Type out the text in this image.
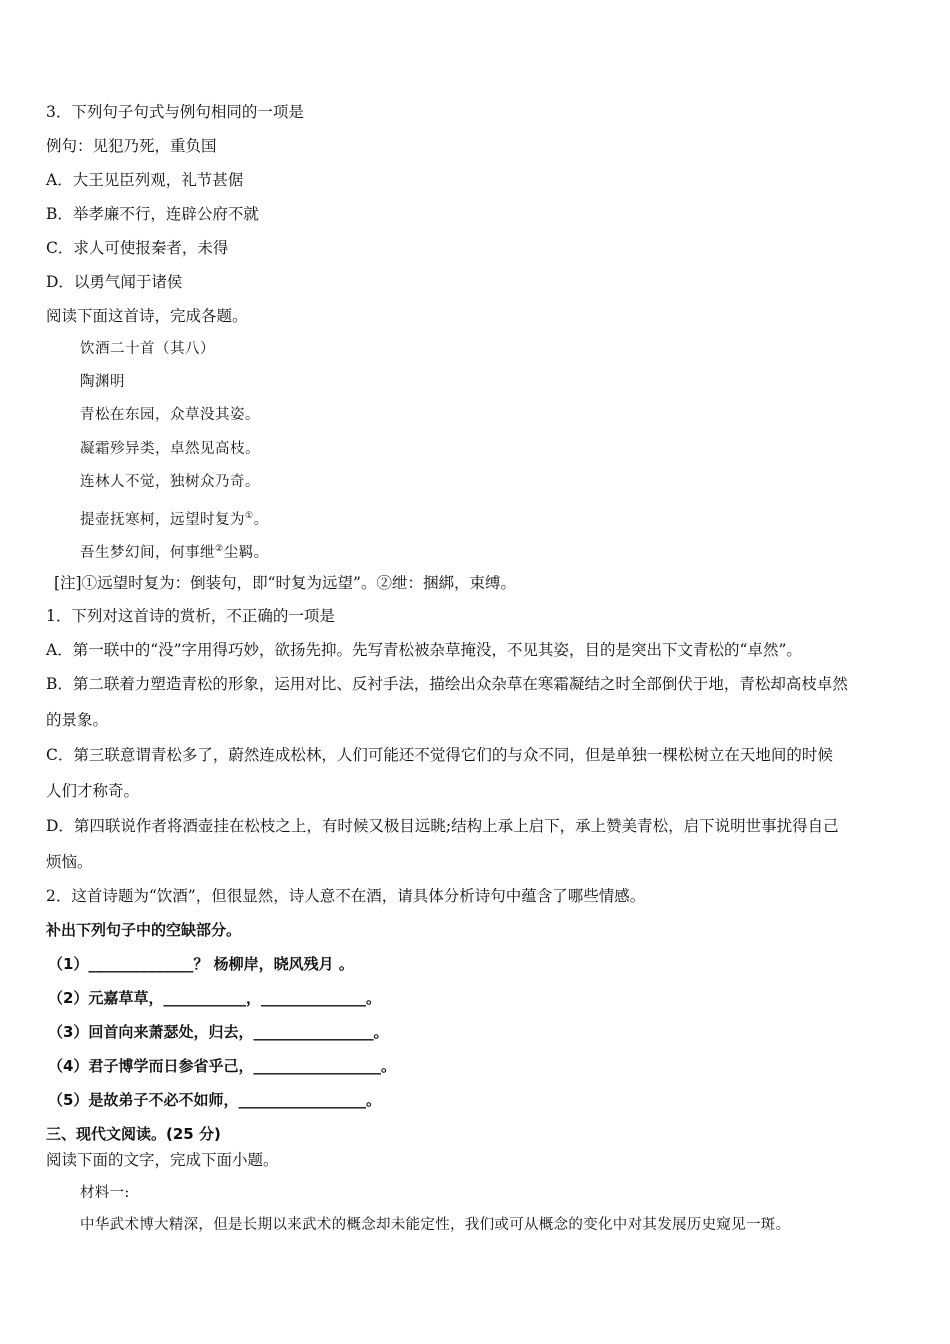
3．下列句子句式与例句相同的一项是
例句：见犯乃死，重负国
A．大王见臣列观，礼节甚倨
B．举孝廉不行，连辟公府不就
C．求人可使报秦者，未得
D．以勇气闻于诸侯
阅读下面这首诗，完成各题。
饮酒二十首（其八）
陶渊明
青松在东园，众草没其姿。
凝霜殄异类，卓然见高枝。
连林人不觉，独树众乃奇。
提壶抚寒柯，远望时复为①。
吾生梦幻间，何事绁②尘羁。
[注]①远望时复为：倒装句，即“时复为远望”。②绁：捆綁，束缚。
1．下列对这首诗的赏析，不正确的一项是
A．第一联中的“没”字用得巧妙，欲扬先抑。先写青松被杂草掩没，不见其姿，目的是突出下文青松的“卓然”。
B．第二联着力塑造青松的形象，运用对比、反衬手法，描绘出众杂草在寒霜凝结之时全部倒伏于地，青松却高枝卓然
的景象。
C．第三联意谓青松多了，蔚然连成松林，人们可能还不觉得它们的与众不同，但是单独一棵松树立在天地间的时候
人们才称奇。
D．第四联说作者将酒壶挂在松枝之上，有时候又极目远眺;结构上承上启下，承上赞美青松，启下说明世事扰得自己
烦恼。
2．这首诗题为“饮酒”，但很显然，诗人意不在酒，请具体分析诗句中蕴含了哪些情感。
补出下列句子中的空缺部分。
（1）______________？ 杨柳岸，晓风残月 。
（2）元嘉草草，___________，______________。
（3）回首向来萧瑟处，归去，________________。
（4）君子博学而日参省乎己，_________________。
（5）是故弟子不必不如师，_________________。
三、现代文阅读。(25 分)
阅读下面的文字，完成下面小题。
材料一:
中华武术博大精深，但是长期以来武术的概念却未能定性，我们或可从概念的变化中对其发展历史窥见一斑。
